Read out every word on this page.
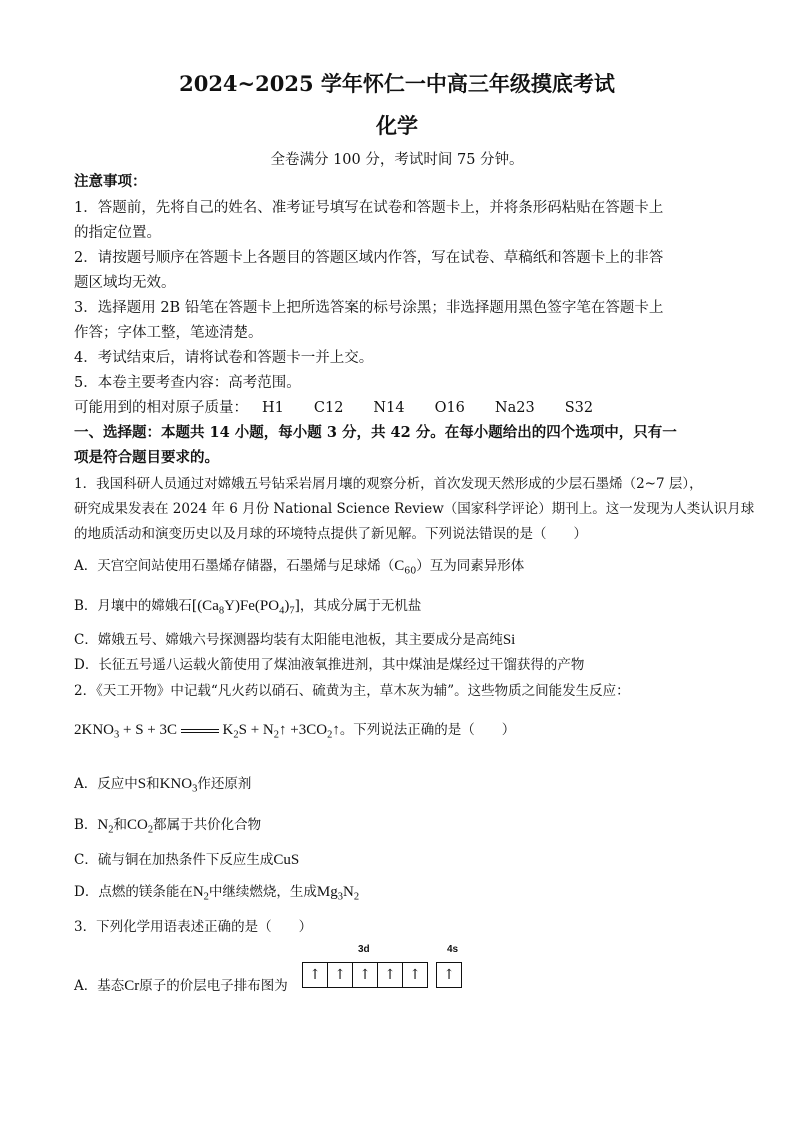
2024~2025 学年怀仁一中高三年级摸底考试
化学
全卷满分 100 分，考试时间 75 分钟。
注意事项：
1．答题前，先将自己的姓名、准考证号填写在试卷和答题卡上，并将条形码粘贴在答题卡上
的指定位置。
2．请按题号顺序在答题卡上各题目的答题区域内作答，写在试卷、草稿纸和答题卡上的非答
题区域均无效。
3．选择题用 2B 铅笔在答题卡上把所选答案的标号涂黑；非选择题用黑色签字笔在答题卡上
作答；字体工整，笔迹清楚。
4．考试结束后，请将试卷和答题卡一并上交。
5．本卷主要考查内容：高考范围。
可能用到的相对原子质量： H1 C12 N14 O16 Na23 S32
一、选择题：本题共 14 小题，每小题 3 分，共 42 分。在每小题给出的四个选项中，只有一
项是符合题目要求的。
1．我国科研人员通过对嫦娥五号钻采岩屑月壤的观察分析，首次发现天然形成的少层石墨烯（2~7 层），
研究成果发表在 2024 年 6 月份 National Science Review（国家科学评论）期刊上。这一发现为人类认识月球
的地质活动和演变历史以及月球的环境特点提供了新见解。下列说法错误的是（　　）
A．天宫空间站使用石墨烯存储器，石墨烯与足球烯$(C_{60})$互为同素异形体
B．月壤中的嫦娥石$[(Ca_8Y)Fe(PO_4)_7]$，其成分属于无机盐
C．嫦娥五号、嫦娥六号探测器均装有太阳能电池板，其主要成分是高纯Si
D．长征五号遥八运载火箭使用了煤油液氧推进剂，其中煤油是煤经过干馏获得的产物
2．《天工开物》中记载“凡火药以硝石、硫黄为主，草木灰为辅”。这些物质之间能发生反应：
$2KNO_3 + S + 3C$	$K_2S$ + $N_2↑$ $+3CO_2↑$。下列说法正确的是（　　）
A．反应中S和$KNO_3$作还原剂
B．$N_2$和$CO_2$都属于共价化合物
C．硫与铜在加热条件下反应生成CuS
D．点燃的镁条能在$N_2$中继续燃烧，生成$Mg_3N_2$
3．下列化学用语表述正确的是（　　）
A．基态Cr原子的价层电子排布图为
3d	4s
↑ ↑ ↑ ↑ ↑	↑
